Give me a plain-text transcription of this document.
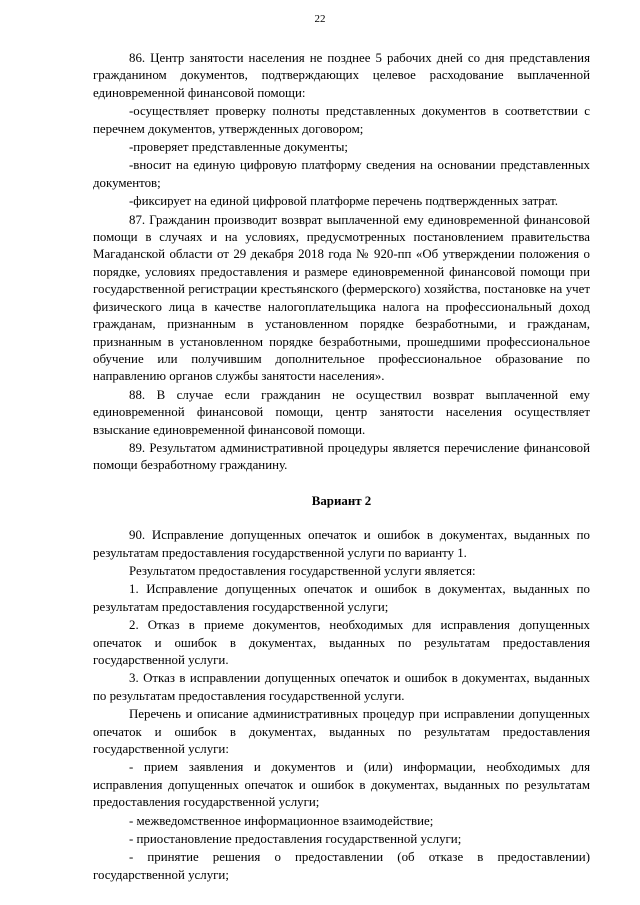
22

86. Центр занятости населения не позднее 5 рабочих дней со дня представления гражданином документов, подтверждающих целевое расходование выплаченной единовременной финансовой помощи:

-осуществляет проверку полноты представленных документов в соответствии с перечнем документов, утвержденных договором;

-проверяет представленные документы;

-вносит на единую цифровую платформу сведения на основании представленных документов;

-фиксирует на единой цифровой платформе перечень подтвержденных затрат.

87. Гражданин производит возврат выплаченной ему единовременной финансовой помощи в случаях и на условиях, предусмотренных постановлением правительства Магаданской области от 29 декабря 2018 года № 920-пп «Об утверждении положения о порядке, условиях предоставления и размере единовременной финансовой помощи при государственной регистрации крестьянского (фермерского) хозяйства, постановке на учет физического лица в качестве налогоплательщика налога на профессиональный доход гражданам, признанным в установленном порядке безработными, и гражданам, признанным в установленном порядке безработными, прошедшими профессиональное обучение или получившим дополнительное профессиональное образование по направлению органов службы занятости населения».

88. В случае если гражданин не осуществил возврат выплаченной ему единовременной финансовой помощи, центр занятости населения осуществляет взыскание единовременной финансовой помощи.

89. Результатом административной процедуры является перечисление финансовой помощи безработному гражданину.

Вариант 2

90. Исправление допущенных опечаток и ошибок в документах, выданных по результатам предоставления государственной услуги по варианту 1.

Результатом предоставления государственной услуги является:

1. Исправление допущенных опечаток и ошибок в документах, выданных по результатам предоставления государственной услуги;

2. Отказ в приеме документов, необходимых для исправления допущенных опечаток и ошибок в документах, выданных по результатам предоставления государственной услуги.

3. Отказ в исправлении допущенных опечаток и ошибок в документах, выданных по результатам предоставления государственной услуги.

Перечень и описание административных процедур при исправлении допущенных опечаток и ошибок в документах, выданных по результатам предоставления государственной услуги:

- прием заявления и документов и (или) информации, необходимых для исправления допущенных опечаток и ошибок в документах, выданных по результатам предоставления государственной услуги;

- межведомственное информационное взаимодействие;

- приостановление предоставления государственной услуги;

- принятие решения о предоставлении (об отказе в предоставлении) государственной услуги;
